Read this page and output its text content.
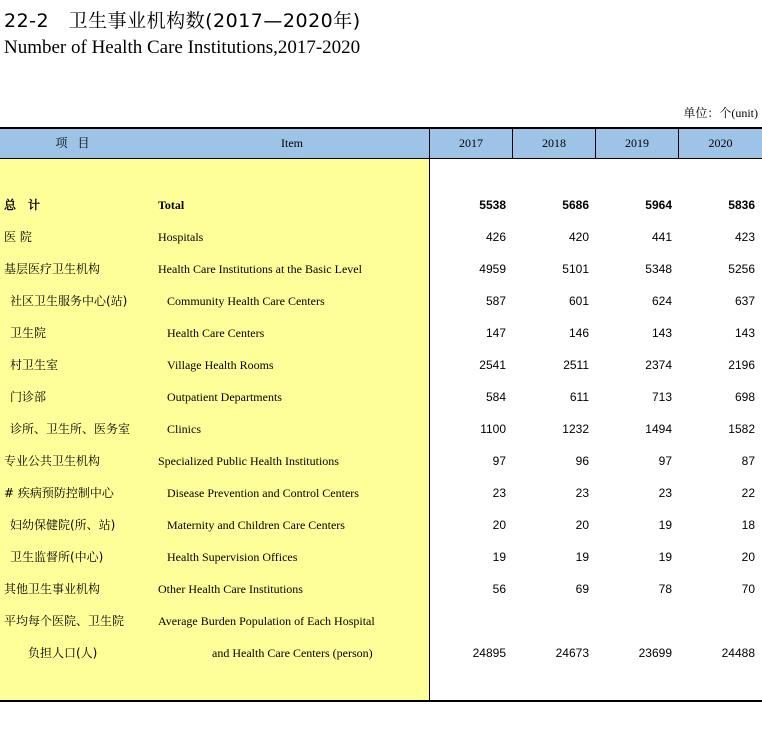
22-2　卫生事业机构数(2017—2020年)
Number of Health Care Institutions,2017-2020
单位：个(unit)
项目	Item	2017	2018	2019	2020
总　计	Total	5538	5686	5964	5836
医 院	Hospitals	426	420	441	423
基层医疗卫生机构	Health Care Institutions at the Basic Level	4959	5101	5348	5256
社区卫生服务中心(站)	Community Health Care Centers	587	601	624	637
卫生院	Health Care Centers	147	146	143	143
村卫生室	Village Health Rooms	2541	2511	2374	2196
门诊部	Outpatient Departments	584	611	713	698
诊所、卫生所、医务室	Clinics	1100	1232	1494	1582
专业公共卫生机构	Specialized Public Health Institutions	97	96	97	87
# 疾病预防控制中心	Disease Prevention and Control Centers	23	23	23	22
妇幼保健院(所、站)	Maternity and Children Care Centers	20	20	19	18
卫生监督所(中心)	Health Supervision Offices	19	19	19	20
其他卫生事业机构	Other Health Care Institutions	56	69	78	70
平均每个医院、卫生院	Average Burden Population of Each Hospital
负担人口(人)	and Health Care Centers (person)	24895	24673	23699	24488
